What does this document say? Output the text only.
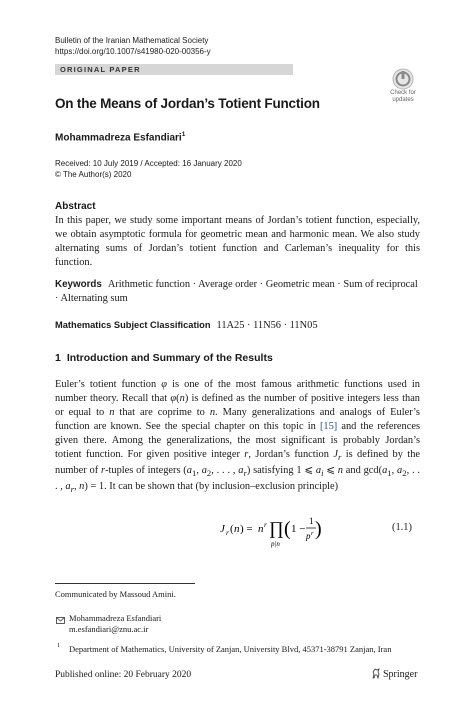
Bulletin of the Iranian Mathematical Society
https://doi.org/10.1007/s41980-020-00356-y
ORIGINAL PAPER
Check for
updates
On the Means of Jordan’s Totient Function
Mohammadreza Esfandiari$^1$
Received: 10 July 2019 / Accepted: 16 January 2020
© The Author(s) 2020
Abstract
In this paper, we study some important means of Jordan’s totient function, especially, we obtain asymptotic formula for geometric mean and harmonic mean. We also study alternating sums of Jordan’s totient function and Carleman’s inequality for this function.
Keywords Arithmetic function · Average order · Geometric mean · Sum of reciprocal · Alternating sum
Mathematics Subject Classification 11A25 · 11N56 · 11N05
1 Introduction and Summary of the Results

Euler’s totient function φ is one of the most famous arithmetic functions used in number theory. Recall that φ(n) is defined as the number of positive integers less than or equal to n that are coprime to n. Many generalizations and analogs of Euler’s function are known. See the special chapter on this topic in [15] and the references given there. Among the generalizations, the most significant is probably Jordan’s totient function. For given positive integer r, Jordan’s function $J_r$ is defined by the number of r-tuples of integers ($a_1$, $a_2$, . . . , $a_r$) satisfying 1 ⩽ $a_i$ ⩽ n and $\gcd(a_1$, $a_2$, . . . , $a_r$, n) = 1. It can be shown that (by inclusion–exclusion principle)

J r ( n ) = n r ∏
p|n
( 1 −
1
p r )	(1.1)
Communicated by Massoud Amini.
Mohammadreza Esfandiari
m.esfandiari@znu.ac.ir
1 Department of Mathematics, University of Zanjan, University Blvd, 45371-38791 Zanjan, Iran
Published online: 20 February 2020	Springer
